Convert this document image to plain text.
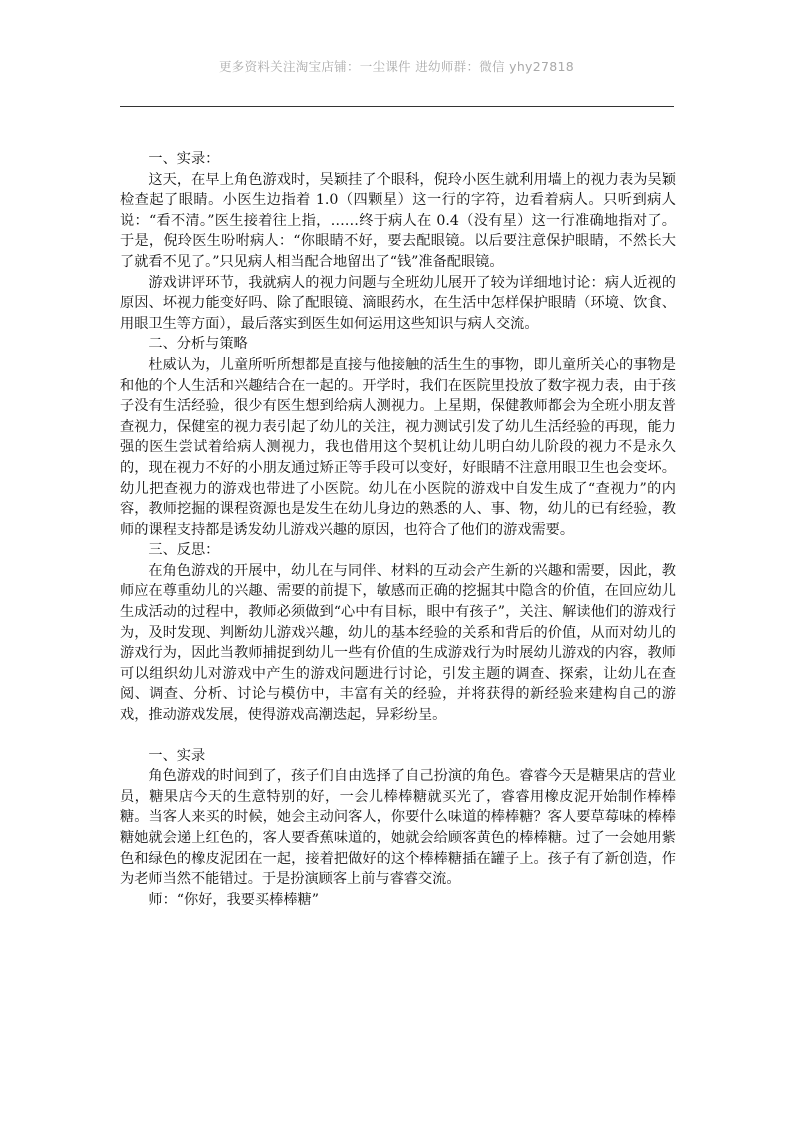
更多资料关注淘宝店铺：一尘课件 进幼师群：微信 yhy27818

一、实录：

这天，在早上角色游戏时，吴颖挂了个眼科，倪玲小医生就利用墙上的视力表为吴颖检查起了眼睛。小医生边指着 1.0（四颗星）这一行的字符，边看着病人。只听到病人说：“看不清。”医生接着往上指，……终于病人在 0.4（没有星）这一行准确地指对了。于是，倪玲医生吩咐病人：“你眼睛不好，要去配眼镜。以后要注意保护眼睛，不然长大了就看不见了。”只见病人相当配合地留出了“钱”准备配眼镜。

游戏讲评环节，我就病人的视力问题与全班幼儿展开了较为详细地讨论：病人近视的原因、坏视力能变好吗、除了配眼镜、滴眼药水，在生活中怎样保护眼睛（环境、饮食、用眼卫生等方面），最后落实到医生如何运用这些知识与病人交流。

二、分析与策略

杜威认为，儿童所听所想都是直接与他接触的活生生的事物，即儿童所关心的事物是和他的个人生活和兴趣结合在一起的。开学时，我们在医院里投放了数字视力表，由于孩子没有生活经验，很少有医生想到给病人测视力。上星期，保健教师都会为全班小朋友普查视力，保健室的视力表引起了幼儿的关注，视力测试引发了幼儿生活经验的再现，能力强的医生尝试着给病人测视力，我也借用这个契机让幼儿明白幼儿阶段的视力不是永久的，现在视力不好的小朋友通过矫正等手段可以变好，好眼睛不注意用眼卫生也会变坏。幼儿把查视力的游戏也带进了小医院。幼儿在小医院的游戏中自发生成了“查视力”的内容，教师挖掘的课程资源也是发生在幼儿身边的熟悉的人、事、物，幼儿的已有经验，教师的课程支持都是诱发幼儿游戏兴趣的原因，也符合了他们的游戏需要。

三、反思：

在角色游戏的开展中，幼儿在与同伴、材料的互动会产生新的兴趣和需要，因此，教师应在尊重幼儿的兴趣、需要的前提下，敏感而正确的挖掘其中隐含的价值，在回应幼儿生成活动的过程中，教师必须做到“心中有目标，眼中有孩子”，关注、解读他们的游戏行为，及时发现、判断幼儿游戏兴趣，幼儿的基本经验的关系和背后的价值，从而对幼儿的游戏行为，因此当教师捕捉到幼儿一些有价值的生成游戏行为时展幼儿游戏的内容，教师可以组织幼儿对游戏中产生的游戏问题进行讨论，引发主题的调查、探索，让幼儿在查阅、调查、分析、讨论与模仿中，丰富有关的经验，并将获得的新经验来建构自己的游戏，推动游戏发展，使得游戏高潮迭起，异彩纷呈。

一、实录

角色游戏的时间到了，孩子们自由选择了自己扮演的角色。睿睿今天是糖果店的营业员，糖果店今天的生意特别的好，一会儿棒棒糖就买光了，睿睿用橡皮泥开始制作棒棒糖。当客人来买的时候，她会主动问客人，你要什么味道的棒棒糖？客人要草莓味的棒棒糖她就会递上红色的，客人要香蕉味道的，她就会给顾客黄色的棒棒糖。过了一会她用紫色和绿色的橡皮泥团在一起，接着把做好的这个棒棒糖插在罐子上。孩子有了新创造，作为老师当然不能错过。于是扮演顾客上前与睿睿交流。

师：“你好，我要买棒棒糖”
